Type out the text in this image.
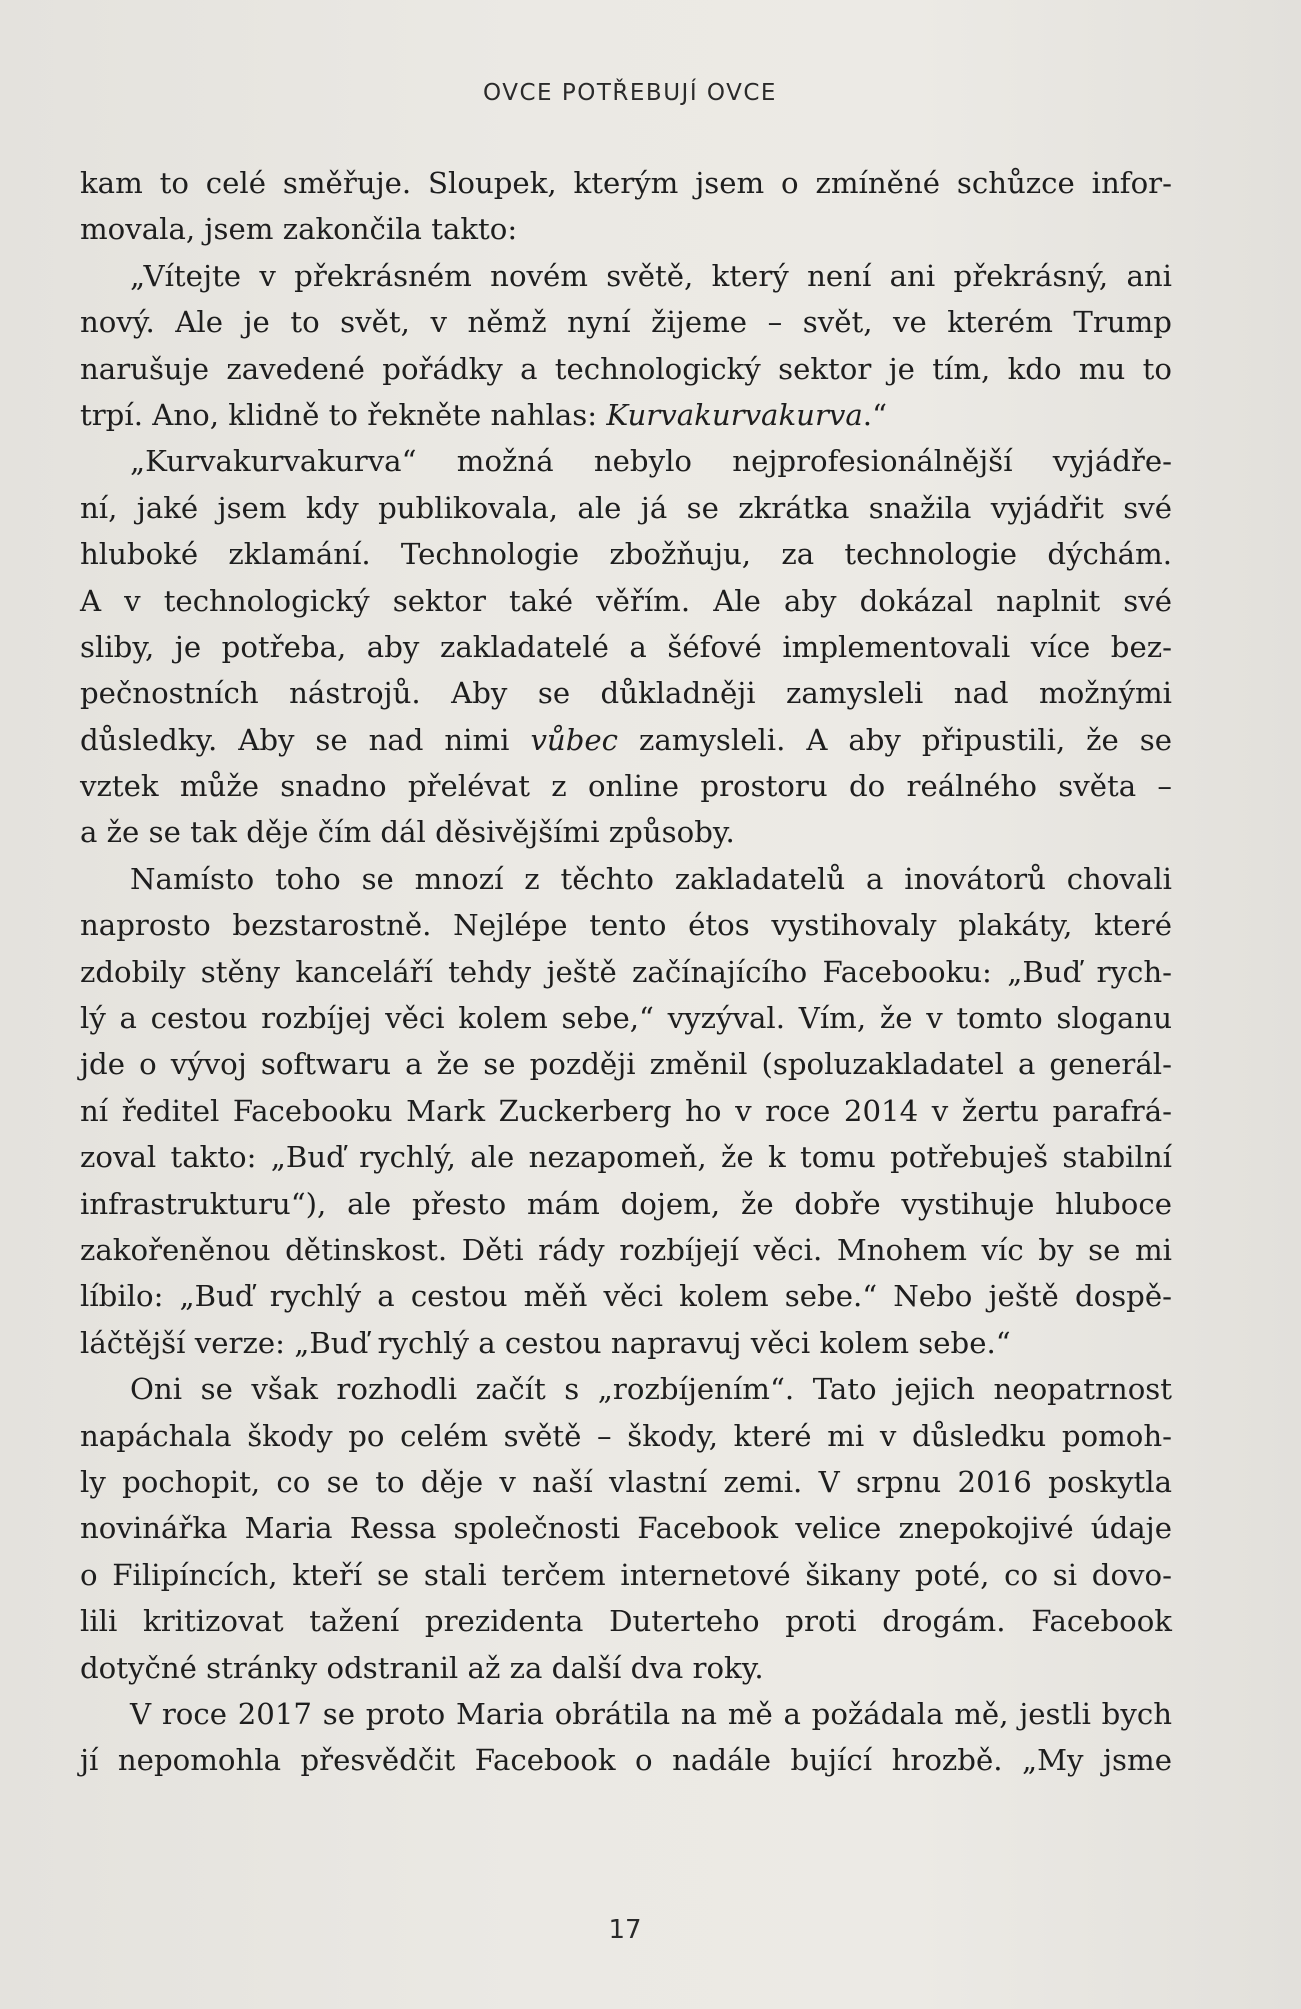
OVCE POTŘEBUJÍ OVCE
kam to celé směřuje. Sloupek, kterým jsem o zmíněné schůzce infor-
movala, jsem zakončila takto:
„Vítejte v překrásném novém světě, který není ani překrásný, ani
nový. Ale je to svět, v němž nyní žijeme – svět, ve kterém Trump
narušuje zavedené pořádky a technologický sektor je tím, kdo mu to
trpí. Ano, klidně to řekněte nahlas: Kurvakurvakurva.“
„Kurvakurvakurva“ možná nebylo nejprofesionálnější vyjádře-
ní, jaké jsem kdy publikovala, ale já se zkrátka snažila vyjádřit své
hluboké zklamání. Technologie zbožňuju, za technologie dýchám.
A v technologický sektor také věřím. Ale aby dokázal naplnit své
sliby, je potřeba, aby zakladatelé a šéfové implementovali více bez-
pečnostních nástrojů. Aby se důkladněji zamysleli nad možnými
důsledky. Aby se nad nimi vůbec zamysleli. A aby připustili, že se
vztek může snadno přelévat z online prostoru do reálného světa –
a že se tak děje čím dál děsivějšími způsoby.
Namísto toho se mnozí z těchto zakladatelů a inovátorů chovali
naprosto bezstarostně. Nejlépe tento étos vystihovaly plakáty, které
zdobily stěny kanceláří tehdy ještě začínajícího Facebooku: „Buď rych-
lý a cestou rozbíjej věci kolem sebe,“ vyzýval. Vím, že v tomto sloganu
jde o vývoj softwaru a že se později změnil (spoluzakladatel a generál-
ní ředitel Facebooku Mark Zuckerberg ho v roce 2014 v žertu parafrá-
zoval takto: „Buď rychlý, ale nezapomeň, že k tomu potřebuješ stabilní
infrastrukturu“), ale přesto mám dojem, že dobře vystihuje hluboce
zakořeněnou dětinskost. Děti rády rozbíjejí věci. Mnohem víc by se mi
líbilo: „Buď rychlý a cestou měň věci kolem sebe.“ Nebo ještě dospě-
láčtější verze: „Buď rychlý a cestou napravuj věci kolem sebe.“
Oni se však rozhodli začít s „rozbíjením“. Tato jejich neopatrnost
napáchala škody po celém světě – škody, které mi v důsledku pomoh-
ly pochopit, co se to děje v naší vlastní zemi. V srpnu 2016 poskytla
novinářka Maria Ressa společnosti Facebook velice znepokojivé údaje
o Filipíncích, kteří se stali terčem internetové šikany poté, co si dovo-
lili kritizovat tažení prezidenta Duterteho proti drogám. Facebook
dotyčné stránky odstranil až za další dva roky.
V roce 2017 se proto Maria obrátila na mě a požádala mě, jestli bych
jí nepomohla přesvědčit Facebook o nadále bující hrozbě. „My jsme
17
